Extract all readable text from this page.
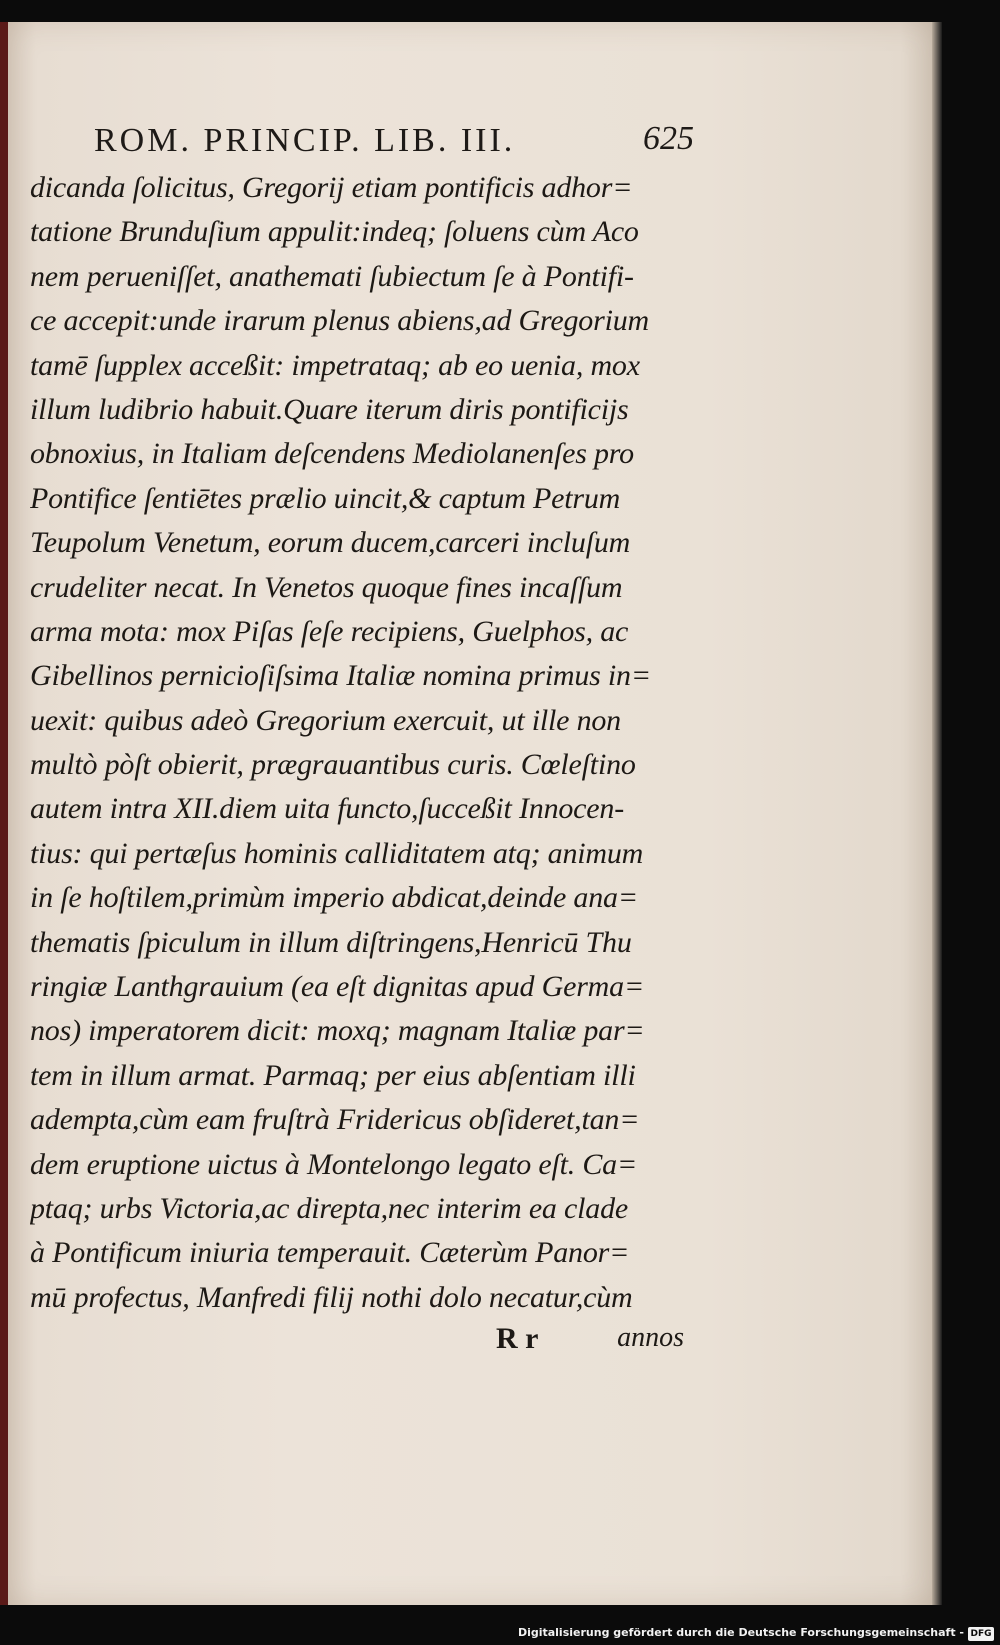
ROM. PRINCIP. LIB. III.	625
dicanda ſolicitus, Gregorij etiam pontificis adhor=
tatione Brunduſium appulit:indeq; ſoluens cùm Aco
nem perueniſſet, anathemati ſubiectum ſe à Pontifi-
ce accepit:unde irarum plenus abiens,ad Gregorium
tamē ſupplex acceßit: impetrataq; ab eo uenia, mox
illum ludibrio habuit.Quare iterum diris pontificijs
obnoxius, in Italiam deſcendens Mediolanenſes pro
Pontifice ſentiētes prælio uincit,& captum Petrum
Teupolum Venetum, eorum ducem,carceri incluſum
crudeliter necat. In Venetos quoque fines incaſſum
arma mota: mox Piſas ſeſe recipiens, Guelphos, ac
Gibellinos pernicioſiſsima Italiæ nomina primus in=
uexit: quibus adeò Gregorium exercuit, ut ille non
multò pòſt obierit, prægrauantibus curis. Cœleſtino
autem intra XII.diem uita functo,ſucceßit Innocen-
tius: qui pertæſus hominis calliditatem atq; animum
in ſe hoſtilem,primùm imperio abdicat,deinde ana=
thematis ſpiculum in illum diſtringens,Henricū Thu
ringiæ Lanthgrauium (ea eſt dignitas apud Germa=
nos) imperatorem dicit: moxq; magnam Italiæ par=
tem in illum armat. Parmaq; per eius abſentiam illi
adempta,cùm eam fruſtrà Fridericus obſideret,tan=
dem eruptione uictus à Montelongo legato eſt. Ca=
ptaq; urbs Victoria,ac direpta,nec interim ea clade
à Pontificum iniuria temperauit. Cæterùm Panor=
mū profectus, Manfredi filij nothi dolo necatur,cùm
R r	annos
Digitalisierung gefördert durch die Deutsche Forschungsgemeinschaft - DFG
